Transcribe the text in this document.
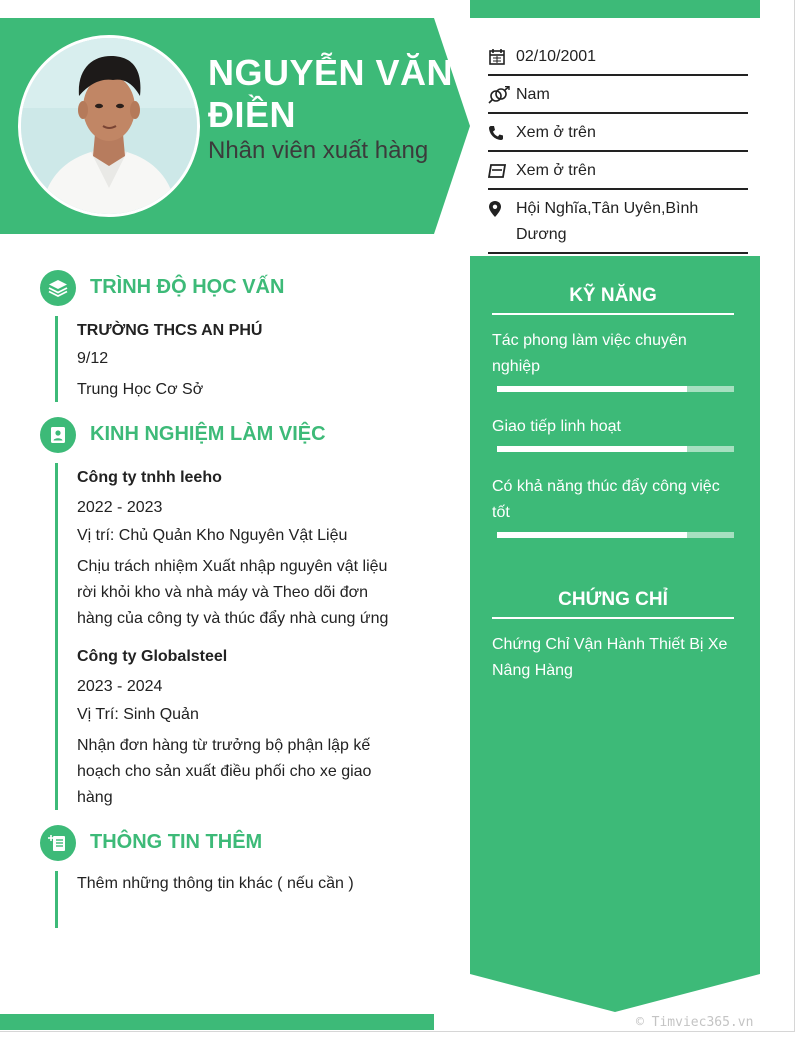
NGUYỄN VĂN
ĐIỀN
Nhân viên xuất hàng
02/10/2001
Nam
Xem ở trên
Xem ở trên
Hội Nghĩa,Tân Uyên,Bình Dương
KỸ NĂNG
Tác phong làm việc chuyên nghiệp
Giao tiếp linh hoạt
Có khả năng thúc đẩy công việc tốt
CHỨNG CHỈ
Chứng Chỉ Vận Hành Thiết Bị Xe Nâng Hàng
TRÌNH ĐỘ HỌC VẤN
TRƯỜNG THCS AN PHÚ
9/12
Trung Học Cơ Sở
KINH NGHIỆM LÀM VIỆC
Công ty tnhh leeho
2022 - 2023
Vị trí: Chủ Quản Kho Nguyên Vật Liệu
Chịu trách nhiệm Xuất nhập nguyên vật liệu rời khỏi kho và nhà máy và Theo dõi đơn hàng của công ty và thúc đẩy nhà cung ứng
Công ty Globalsteel
2023 - 2024
Vị Trí: Sinh Quản
Nhận đơn hàng từ trưởng bộ phận lập kế hoạch cho sản xuất điều phối cho xe giao hàng
THÔNG TIN THÊM
Thêm những thông tin khác ( nếu cần )
© Timviec365.vn
